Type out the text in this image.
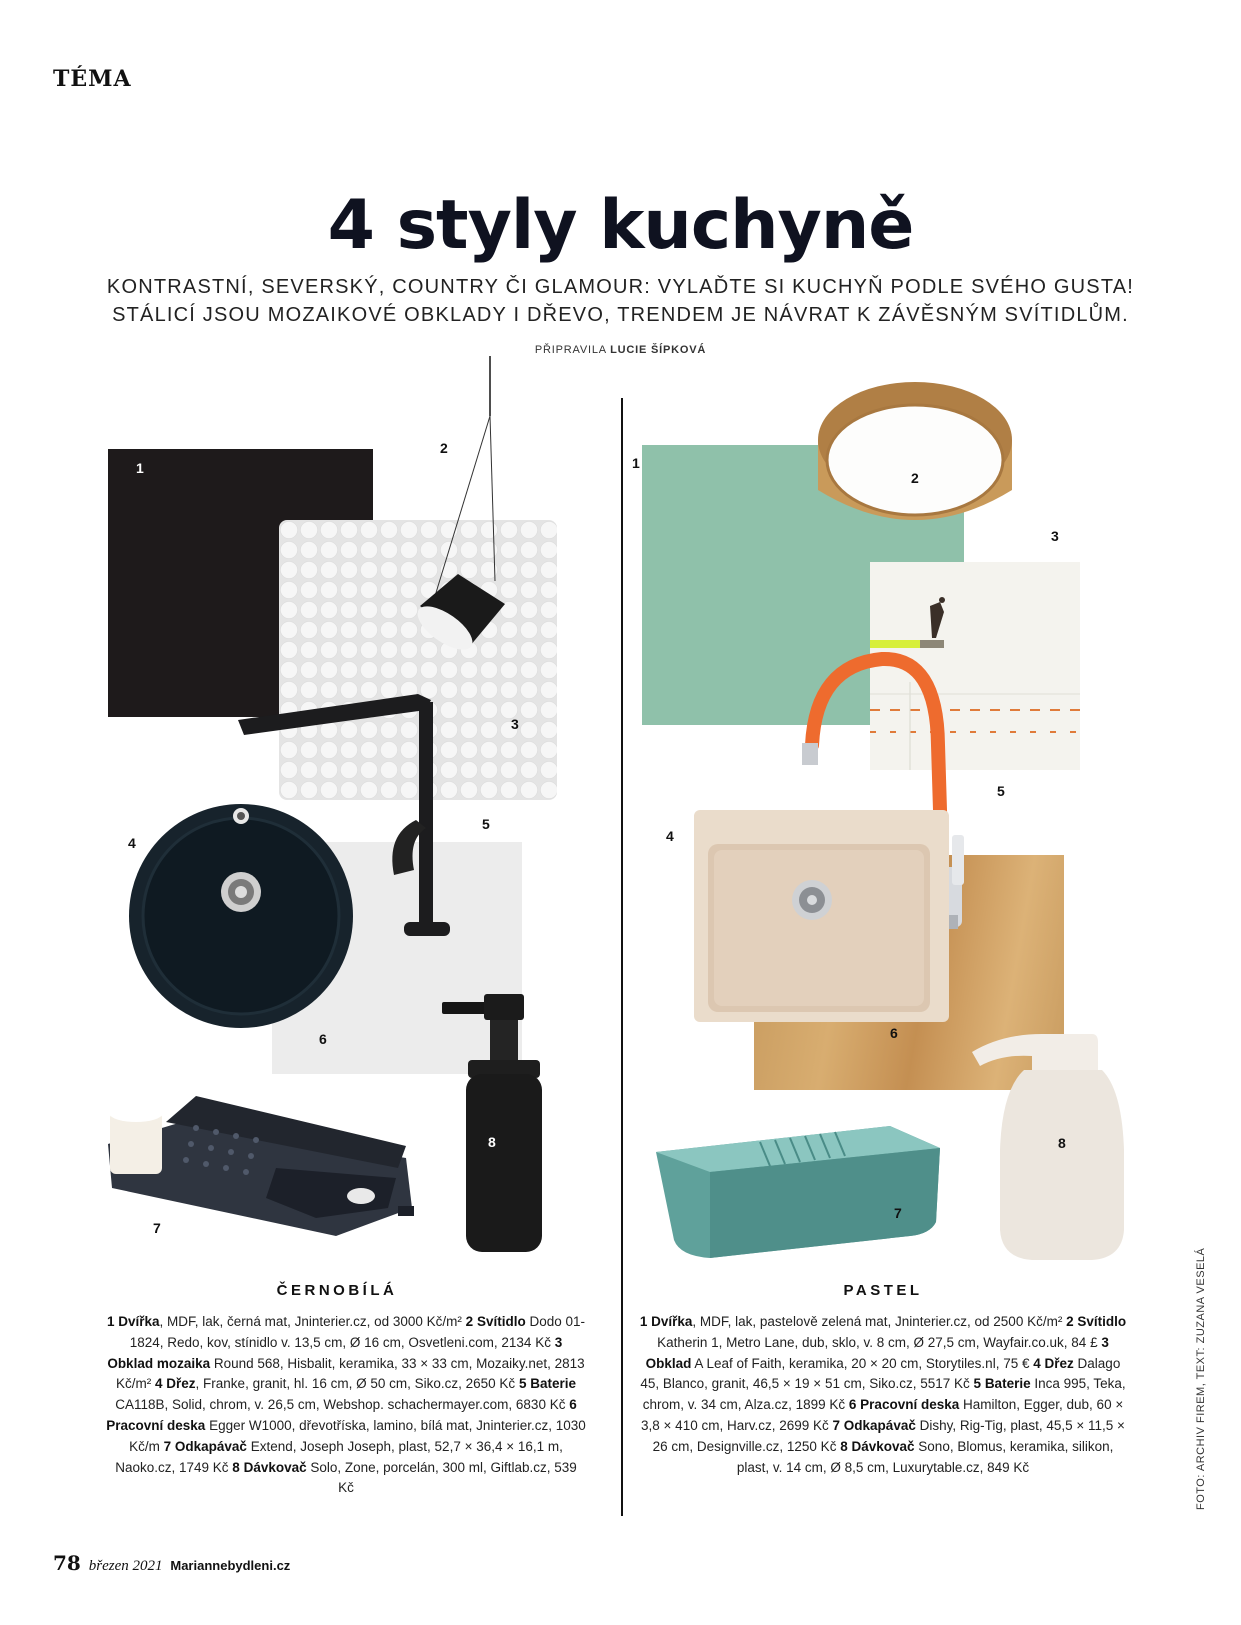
TÉMA
4 styly kuchyně
KONTRASTNÍ, SEVERSKÝ, COUNTRY ČI GLAMOUR: VYLAĎTE SI KUCHYŇ PODLE SVÉHO GUSTA!
STÁLICÍ JSOU MOZAIKOVÉ OBKLADY I DŘEVO, TRENDEM JE NÁVRAT K ZÁVĚSNÝM SVÍTIDLŮM.
PŘIPRAVILA LUCIE ŠÍPKOVÁ
1
2
3
4
5
6
7
8
1
2
3
4
5
6
7
8
ČERNOBÍLÁ	PASTEL
1 Dvířka, MDF, lak, černá mat, Jninterier.cz, od 3000 Kč/m² 2 Svítidlo Dodo 01-1824, Redo, kov, stínidlo v. 13,5 cm, Ø 16 cm, Osvetleni.com, 2134 Kč 3 Obklad mozaika Round 568, Hisbalit, keramika, 33 × 33 cm, Mozaiky.net, 2813 Kč/m² 4 Dřez, Franke, granit, hl. 16 cm, Ø 50 cm, Siko.cz, 2650 Kč 5 Baterie CA118B, Solid, chrom, v. 26,5 cm, Webshop. schachermayer.com, 6830 Kč 6 Pracovní deska Egger W1000, dřevotříska, lamino, bílá mat, Jninterier.cz, 1030 Kč/m 7 Odkapávač Extend, Joseph Joseph, plast, 52,7 × 36,4 × 16,1 m, Naoko.cz, 1749 Kč 8 Dávkovač Solo, Zone, porcelán, 300 ml, Giftlab.cz, 539 Kč
1 Dvířka, MDF, lak, pastelově zelená mat, Jninterier.cz, od 2500 Kč/m² 2 Svítidlo Katherin 1, Metro Lane, dub, sklo, v. 8 cm, Ø 27,5 cm, Wayfair.co.uk, 84 £ 3 Obklad A Leaf of Faith, keramika, 20 × 20 cm, Storytiles.nl, 75 € 4 Dřez Dalago 45, Blanco, granit, 46,5 × 19 × 51 cm, Siko.cz, 5517 Kč 5 Baterie Inca 995, Teka, chrom, v. 34 cm, Alza.cz, 1899 Kč 6 Pracovní deska Hamilton, Egger, dub, 60 × 3,8 × 410 cm, Harv.cz, 2699 Kč 7 Odkapávač Dishy, Rig-Tig, plast, 45,5 × 11,5 × 26 cm, Designville.cz, 1250 Kč 8 Dávkovač Sono, Blomus, keramika, silikon, plast, v. 14 cm, Ø 8,5 cm, Luxurytable.cz, 849 Kč	FOTO: ARCHIV FIREM, TEXT: ZUZANA VESELÁ
78 březen 2021 Mariannebydleni.cz
